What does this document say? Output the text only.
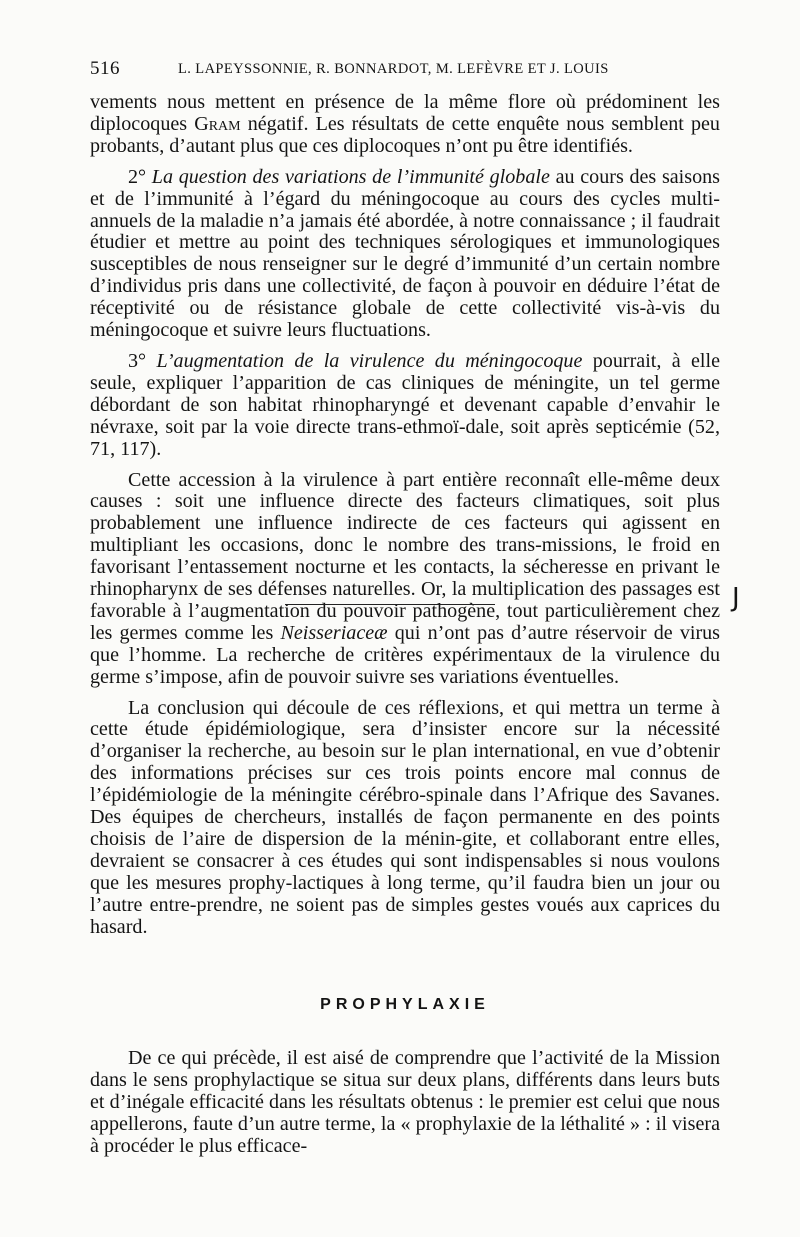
516	L. LAPEYSSONNIE, R. BONNARDOT, M. LEFÈVRE ET J. LOUIS

vements nous mettent en présence de la même flore où prédominent les diplocoques Gram négatif. Les résultats de cette enquête nous semblent peu probants, d’autant plus que ces diplocoques n’ont pu être identifiés.

2° La question des variations de l’immunité globale au cours des saisons et de l’immunité à l’égard du méningocoque au cours des cycles multi-annuels de la maladie n’a jamais été abordée, à notre connaissance ; il faudrait étudier et mettre au point des techniques sérologiques et immunologiques susceptibles de nous renseigner sur le degré d’immunité d’un certain nombre d’individus pris dans une collectivité, de façon à pouvoir en déduire l’état de réceptivité ou de résistance globale de cette collectivité vis-à-vis du méningocoque et suivre leurs fluctuations.

3° L’augmentation de la virulence du méningocoque pourrait, à elle seule, expliquer l’apparition de cas cliniques de méningite, un tel germe débordant de son habitat rhinopharyngé et devenant capable d’envahir le névraxe, soit par la voie directe trans-ethmoï-dale, soit après septicémie (52, 71, 117).

Cette accession à la virulence à part entière reconnaît elle-même deux causes : soit une influence directe des facteurs climatiques, soit plus probablement une influence indirecte de ces facteurs qui agissent en multipliant les occasions, donc le nombre des trans-missions, le froid en favorisant l’entassement nocturne et les contacts, la sécheresse en privant le rhinopharynx de ses défenses naturelles. Or, la multiplication des passages est favorable à l’augmentation du pouvoir pathogène, tout particulièrement chez les germes comme les Neisseriaceæ qui n’ont pas d’autre réservoir de virus que l’homme. La recherche de critères expérimentaux de la virulence du germe s’impose, afin de pouvoir suivre ses variations éventuelles.

La conclusion qui découle de ces réflexions, et qui mettra un terme à cette étude épidémiologique, sera d’insister encore sur la nécessité d’organiser la recherche, au besoin sur le plan international, en vue d’obtenir des informations précises sur ces trois points encore mal connus de l’épidémiologie de la méningite cérébro-spinale dans l’Afrique des Savanes. Des équipes de chercheurs, installés de façon permanente en des points choisis de l’aire de dispersion de la ménin-gite, et collaborant entre elles, devraient se consacrer à ces études qui sont indispensables si nous voulons que les mesures prophy-lactiques à long terme, qu’il faudra bien un jour ou l’autre entre-prendre, ne soient pas de simples gestes voués aux caprices du hasard.

J
PROPHYLAXIE

De ce qui précède, il est aisé de comprendre que l’activité de la Mission dans le sens prophylactique se situa sur deux plans, différents dans leurs buts et d’inégale efficacité dans les résultats obtenus : le premier est celui que nous appellerons, faute d’un autre terme, la « prophylaxie de la léthalité » : il visera à procéder le plus efficace-
